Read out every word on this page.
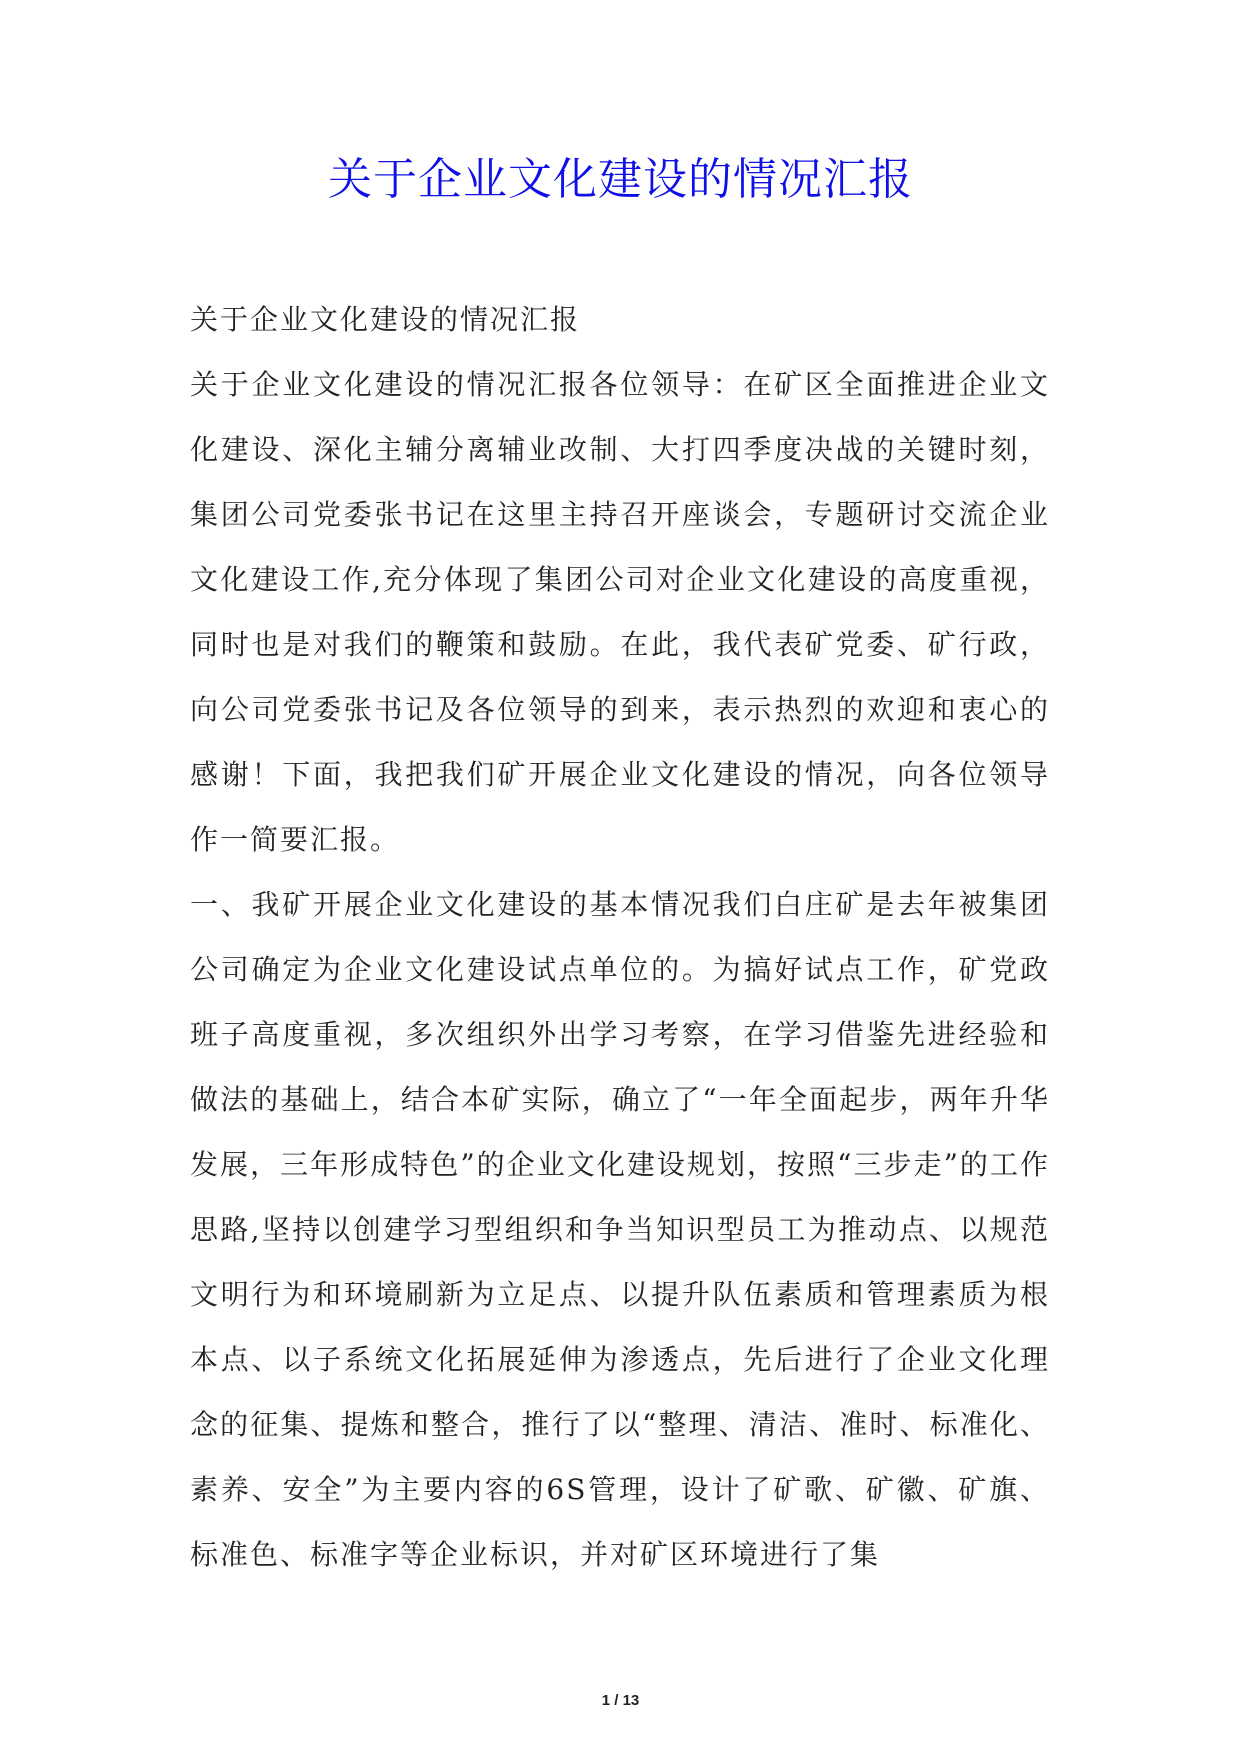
关于企业文化建设的情况汇报

关于企业文化建设的情况汇报

关于企业文化建设的情况汇报各位领导：在矿区全面推进企业文化建设、深化主辅分离辅业改制、大打四季度决战的关键时刻，集团公司党委张书记在这里主持召开座谈会，专题研讨交流企业文化建设工作,充分体现了集团公司对企业文化建设的高度重视，同时也是对我们的鞭策和鼓励。在此，我代表矿党委、矿行政，向公司党委张书记及各位领导的到来，表示热烈的欢迎和衷心的感谢！下面，我把我们矿开展企业文化建设的情况，向各位领导作一简要汇报。

一、我矿开展企业文化建设的基本情况我们白庄矿是去年被集团公司确定为企业文化建设试点单位的。为搞好试点工作，矿党政班子高度重视，多次组织外出学习考察，在学习借鉴先进经验和做法的基础上，结合本矿实际，确立了“一年全面起步，两年升华发展，三年形成特色”的企业文化建设规划，按照“三步走”的工作思路,坚持以创建学习型组织和争当知识型员工为推动点、以规范文明行为和环境刷新为立足点、以提升队伍素质和管理素质为根本点、以子系统文化拓展延伸为渗透点，先后进行了企业文化理念的征集、提炼和整合，推行了以“整理、清洁、准时、标准化、素养、安全”为主要内容的6S管理，设计了矿歌、矿徽、矿旗、标准色、标准字等企业标识，并对矿区环境进行了集

1 / 13
